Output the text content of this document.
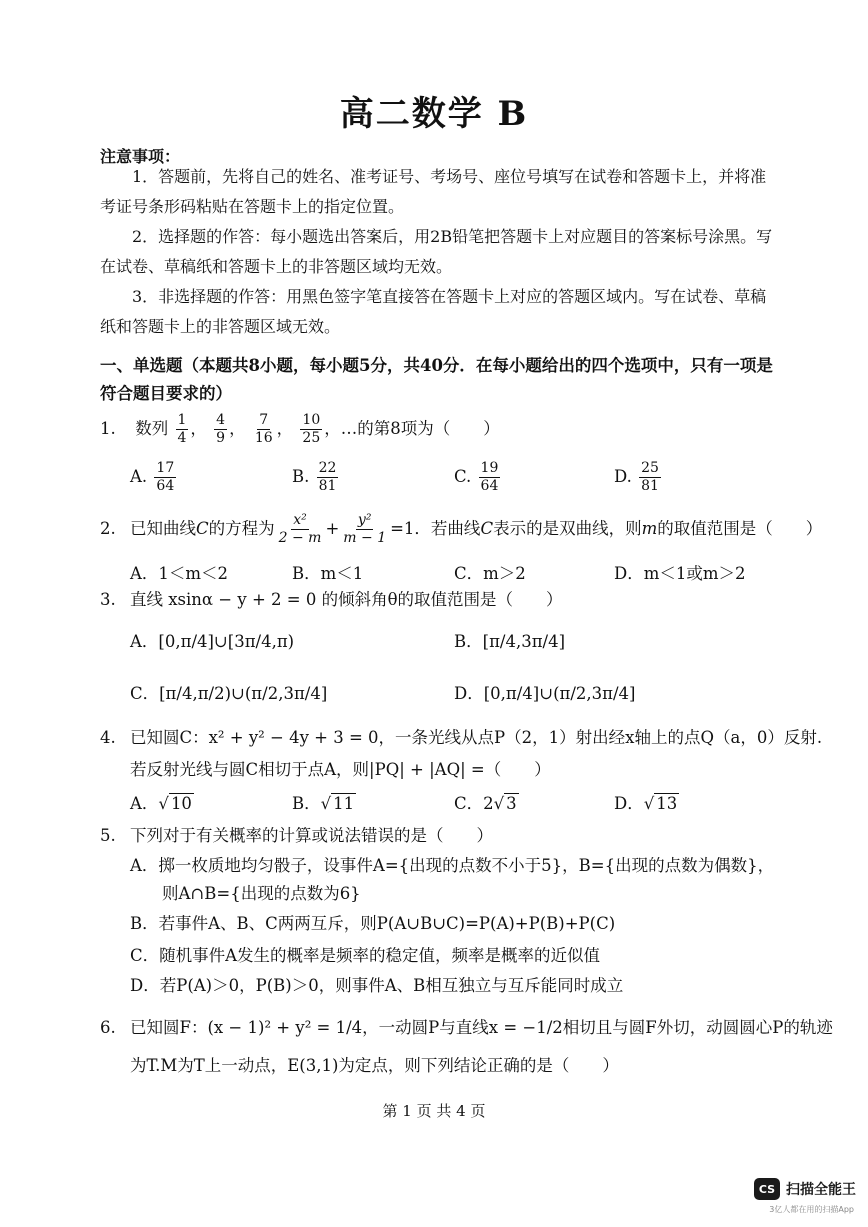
高二数学 B
注意事项：
1．答题前，先将自己的姓名、准考证号、考场号、座位号填写在试卷和答题卡上，并将准考证号条形码粘贴在答题卡上的指定位置。
2．选择题的作答：每小题选出答案后，用2B铅笔把答题卡上对应题目的答案标号涂黑。写在试卷、草稿纸和答题卡上的非答题区域均无效。
3．非选择题的作答：用黑色签字笔直接答在答题卡上对应的答题区域内。写在试卷、草稿纸和答题卡上的非答题区域无效。
一、单选题（本题共8小题，每小题5分，共40分．在每小题给出的四个选项中，只有一项是符合题目要求的）
1. 数列 $\frac{1}{4}$ ， $\frac{4}{9}$ ， $\frac{7}{16}$ ， $\frac{10}{25}$ ，…的第8项为（　　）
A. $\frac{17}{64}$	B. $\frac{22}{81}$	C. $\frac{19}{64}$	D. $\frac{25}{81}$
2. 已知曲线C的方程为 $\frac{\text{x²}}{2 - m} + \frac{\text{y²}}{m - 1} =1$．若曲线C表示的是双曲线，则m的取值范围是（　　）
A．1＜m＜2	B．m＜1	C．m＞2	D．m＜1或m＞2
3. 直线 xsinα − y + 2 = 0 的倾斜角θ的取值范围是（　　）
A．[0,π/4]∪[3π/4,π)	B．[π/4,3π/4]
C．[π/4,π/2)∪(π/2,3π/4]	D．[0,π/4]∪(π/2,3π/4]
4. 已知圆C：x² + y² − 4y + 3 = 0，一条光线从点P（2，1）射出经x轴上的点Q（a，0）反射.
若反射光线与圆C相切于点A，则|PQ| + |AQ| =（　　）
A．√ 10	B．√ 11	C．2√ 3	D．√ 13
5. 下列对于有关概率的计算或说法错误的是（　　）
A．掷一枚质地均匀骰子，设事件A={出现的点数不小于5}，B={出现的点数为偶数}，
则A∩B={出现的点数为6}
B．若事件A、B、C两两互斥，则P(A∪B∪C)=P(A)+P(B)+P(C)
C．随机事件A发生的概率是频率的稳定值，频率是概率的近似值
D．若P(A)＞0，P(B)＞0，则事件A、B相互独立与互斥能同时成立
6. 已知圆F：(x − 1)² + y² = 1/4，一动圆P与直线x = −1/2相切且与圆F外切，动圆圆心P的轨迹
为T.M为T上一动点，E(3,1)为定点，则下列结论正确的是（　　）
第 1 页 共 4 页
CS 扫描全能王
3亿人都在用的扫描App
